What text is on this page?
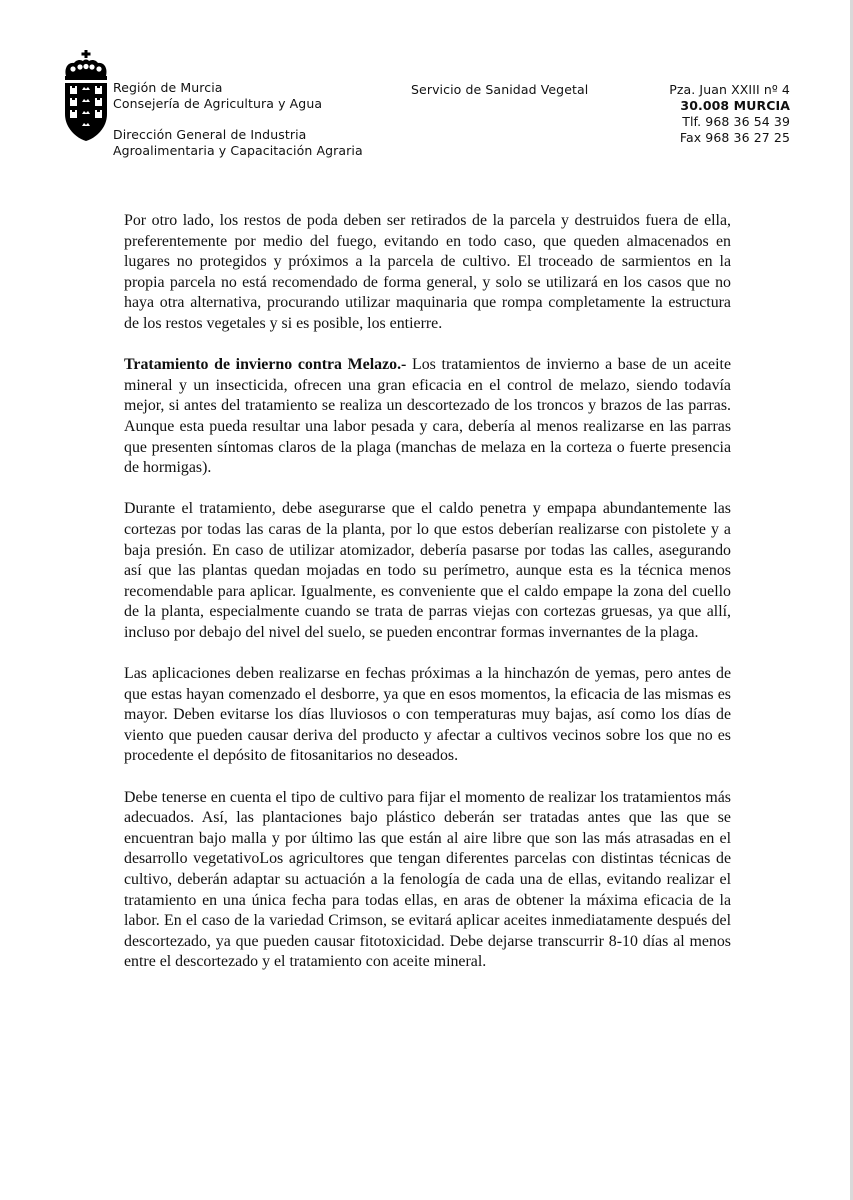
Región de Murcia
Consejería de Agricultura y Agua
Dirección General de Industria
Agroalimentaria y Capacitación Agraria
Servicio de Sanidad Vegetal	Pza. Juan XXIII nº 4
30.008 MURCIA
Tlf. 968 36 54 39
Fax 968 36 27 25

Por otro lado, los restos de poda deben ser retirados de la parcela y destruidos fuera de ella, preferentemente por medio del fuego, evitando en todo caso, que queden almacenados en lugares no protegidos y próximos a la parcela de cultivo. El troceado de sarmientos en la propia parcela no está recomendado de forma general, y solo se utilizará en los casos que no haya otra alternativa, procurando utilizar maquinaria que rompa completamente la estructura de los restos vegetales y si es posible, los entierre.

Tratamiento de invierno contra Melazo.- Los tratamientos de invierno a base de un aceite mineral y un insecticida, ofrecen una gran eficacia en el control de melazo, siendo todavía mejor, si antes del tratamiento se realiza un descortezado de los troncos y brazos de las parras. Aunque esta pueda resultar una labor pesada y cara, debería al menos realizarse en las parras que presenten síntomas claros de la plaga (manchas de melaza en la corteza o fuerte presencia de hormigas).

Durante el tratamiento, debe asegurarse que el caldo penetra y empapa abundantemente las cortezas por todas las caras de la planta, por lo que estos deberían realizarse con pistolete y a baja presión. En caso de utilizar atomizador, debería pasarse por todas las calles, asegurando así que las plantas quedan mojadas en todo su perímetro, aunque esta es la técnica menos recomendable para aplicar. Igualmente, es conveniente que el caldo empape la zona del cuello de la planta, especialmente cuando se trata de parras viejas con cortezas gruesas, ya que allí, incluso por debajo del nivel del suelo, se pueden encontrar formas invernantes de la plaga.

Las aplicaciones deben realizarse en fechas próximas a la hinchazón de yemas, pero antes de que estas hayan comenzado el desborre, ya que en esos momentos, la eficacia de las mismas es mayor. Deben evitarse los días lluviosos o con temperaturas muy bajas, así como los días de viento que pueden causar deriva del producto y afectar a cultivos vecinos sobre los que no es procedente el depósito de fitosanitarios no deseados.

Debe tenerse en cuenta el tipo de cultivo para fijar el momento de realizar los tratamientos más adecuados. Así, las plantaciones bajo plástico deberán ser tratadas antes que las que se encuentran bajo malla y por último las que están al aire libre que son las más atrasadas en el desarrollo vegetativoLos agricultores que tengan diferentes parcelas con distintas técnicas de cultivo, deberán adaptar su actuación a la fenología de cada una de ellas, evitando realizar el tratamiento en una única fecha para todas ellas, en aras de obtener la máxima eficacia de la labor. En el caso de la variedad Crimson, se evitará aplicar aceites inmediatamente después del descortezado, ya que pueden causar fitotoxicidad. Debe dejarse transcurrir 8-10 días al menos entre el descortezado y el tratamiento con aceite mineral.
